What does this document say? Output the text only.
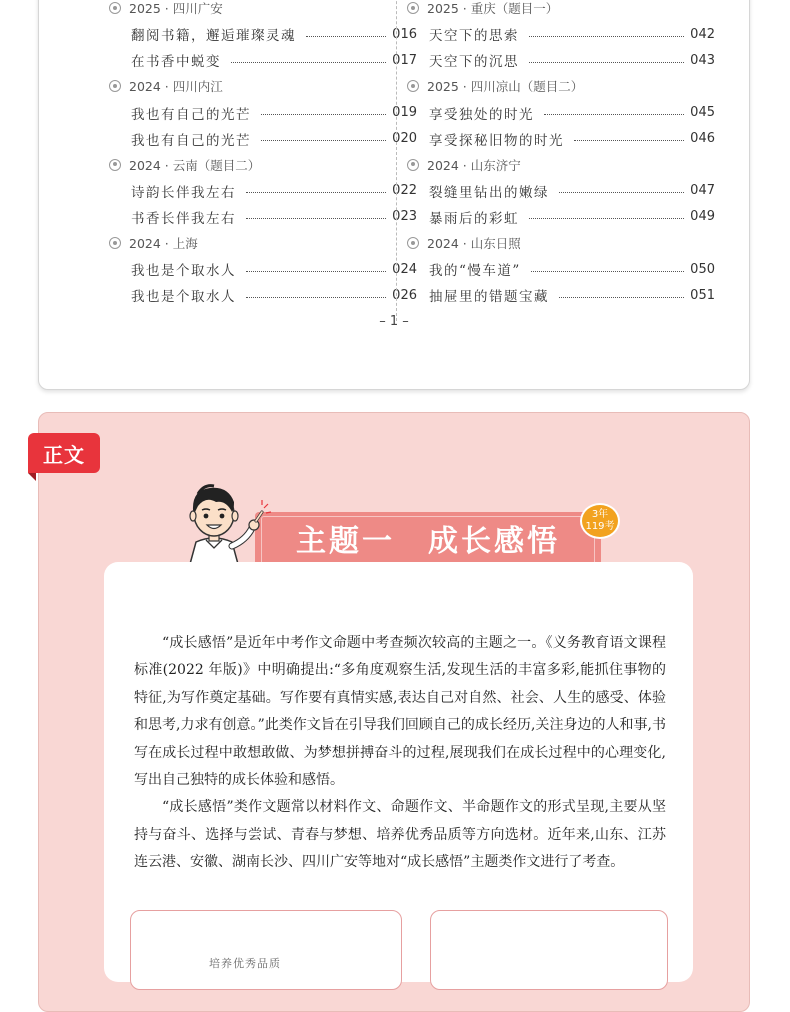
2025 · 四川广安
翻阅书籍，邂逅璀璨灵魂	016
在书香中蜕变	017
2024 · 四川内江
我也有自己的光芒	019
我也有自己的光芒	020
2024 · 云南（题目二）
诗韵长伴我左右	022
书香长伴我左右	023
2024 · 上海
我也是个取水人	024
我也是个取水人	026
2025 · 重庆（题目一）
天空下的思索	042
天空下的沉思	043
2025 · 四川凉山（题目二）
享受独处的时光	045
享受探秘旧物的时光	046
2024 · 山东济宁
裂缝里钻出的嫩绿	047
暴雨后的彩虹	049
2024 · 山东日照
我的“慢车道”	050
抽屉里的错题宝藏	051
– 1 –
正文
主题一　成长感悟
3年
119考

“成长感悟”是近年中考作文命题中考查频次较高的主题之一。《义务教育语文课程标准(2022 年版)》中明确提出:“多角度观察生活,发现生活的丰富多彩,能抓住事物的特征,为写作奠定基础。写作要有真情实感,表达自己对自然、社会、人生的感受、体验和思考,力求有创意。”此类作文旨在引导我们回顾自己的成长经历,关注身边的人和事,书写在成长过程中敢想敢做、为梦想拼搏奋斗的过程,展现我们在成长过程中的心理变化,写出自己独特的成长体验和感悟。

“成长感悟”类作文题常以材料作文、命题作文、半命题作文的形式呈现,主要从坚持与奋斗、选择与尝试、青春与梦想、培养优秀品质等方向选材。近年来,山东、江苏连云港、安徽、湖南长沙、四川广安等地对“成长感悟”主题类作文进行了考查。

培养优秀品质
